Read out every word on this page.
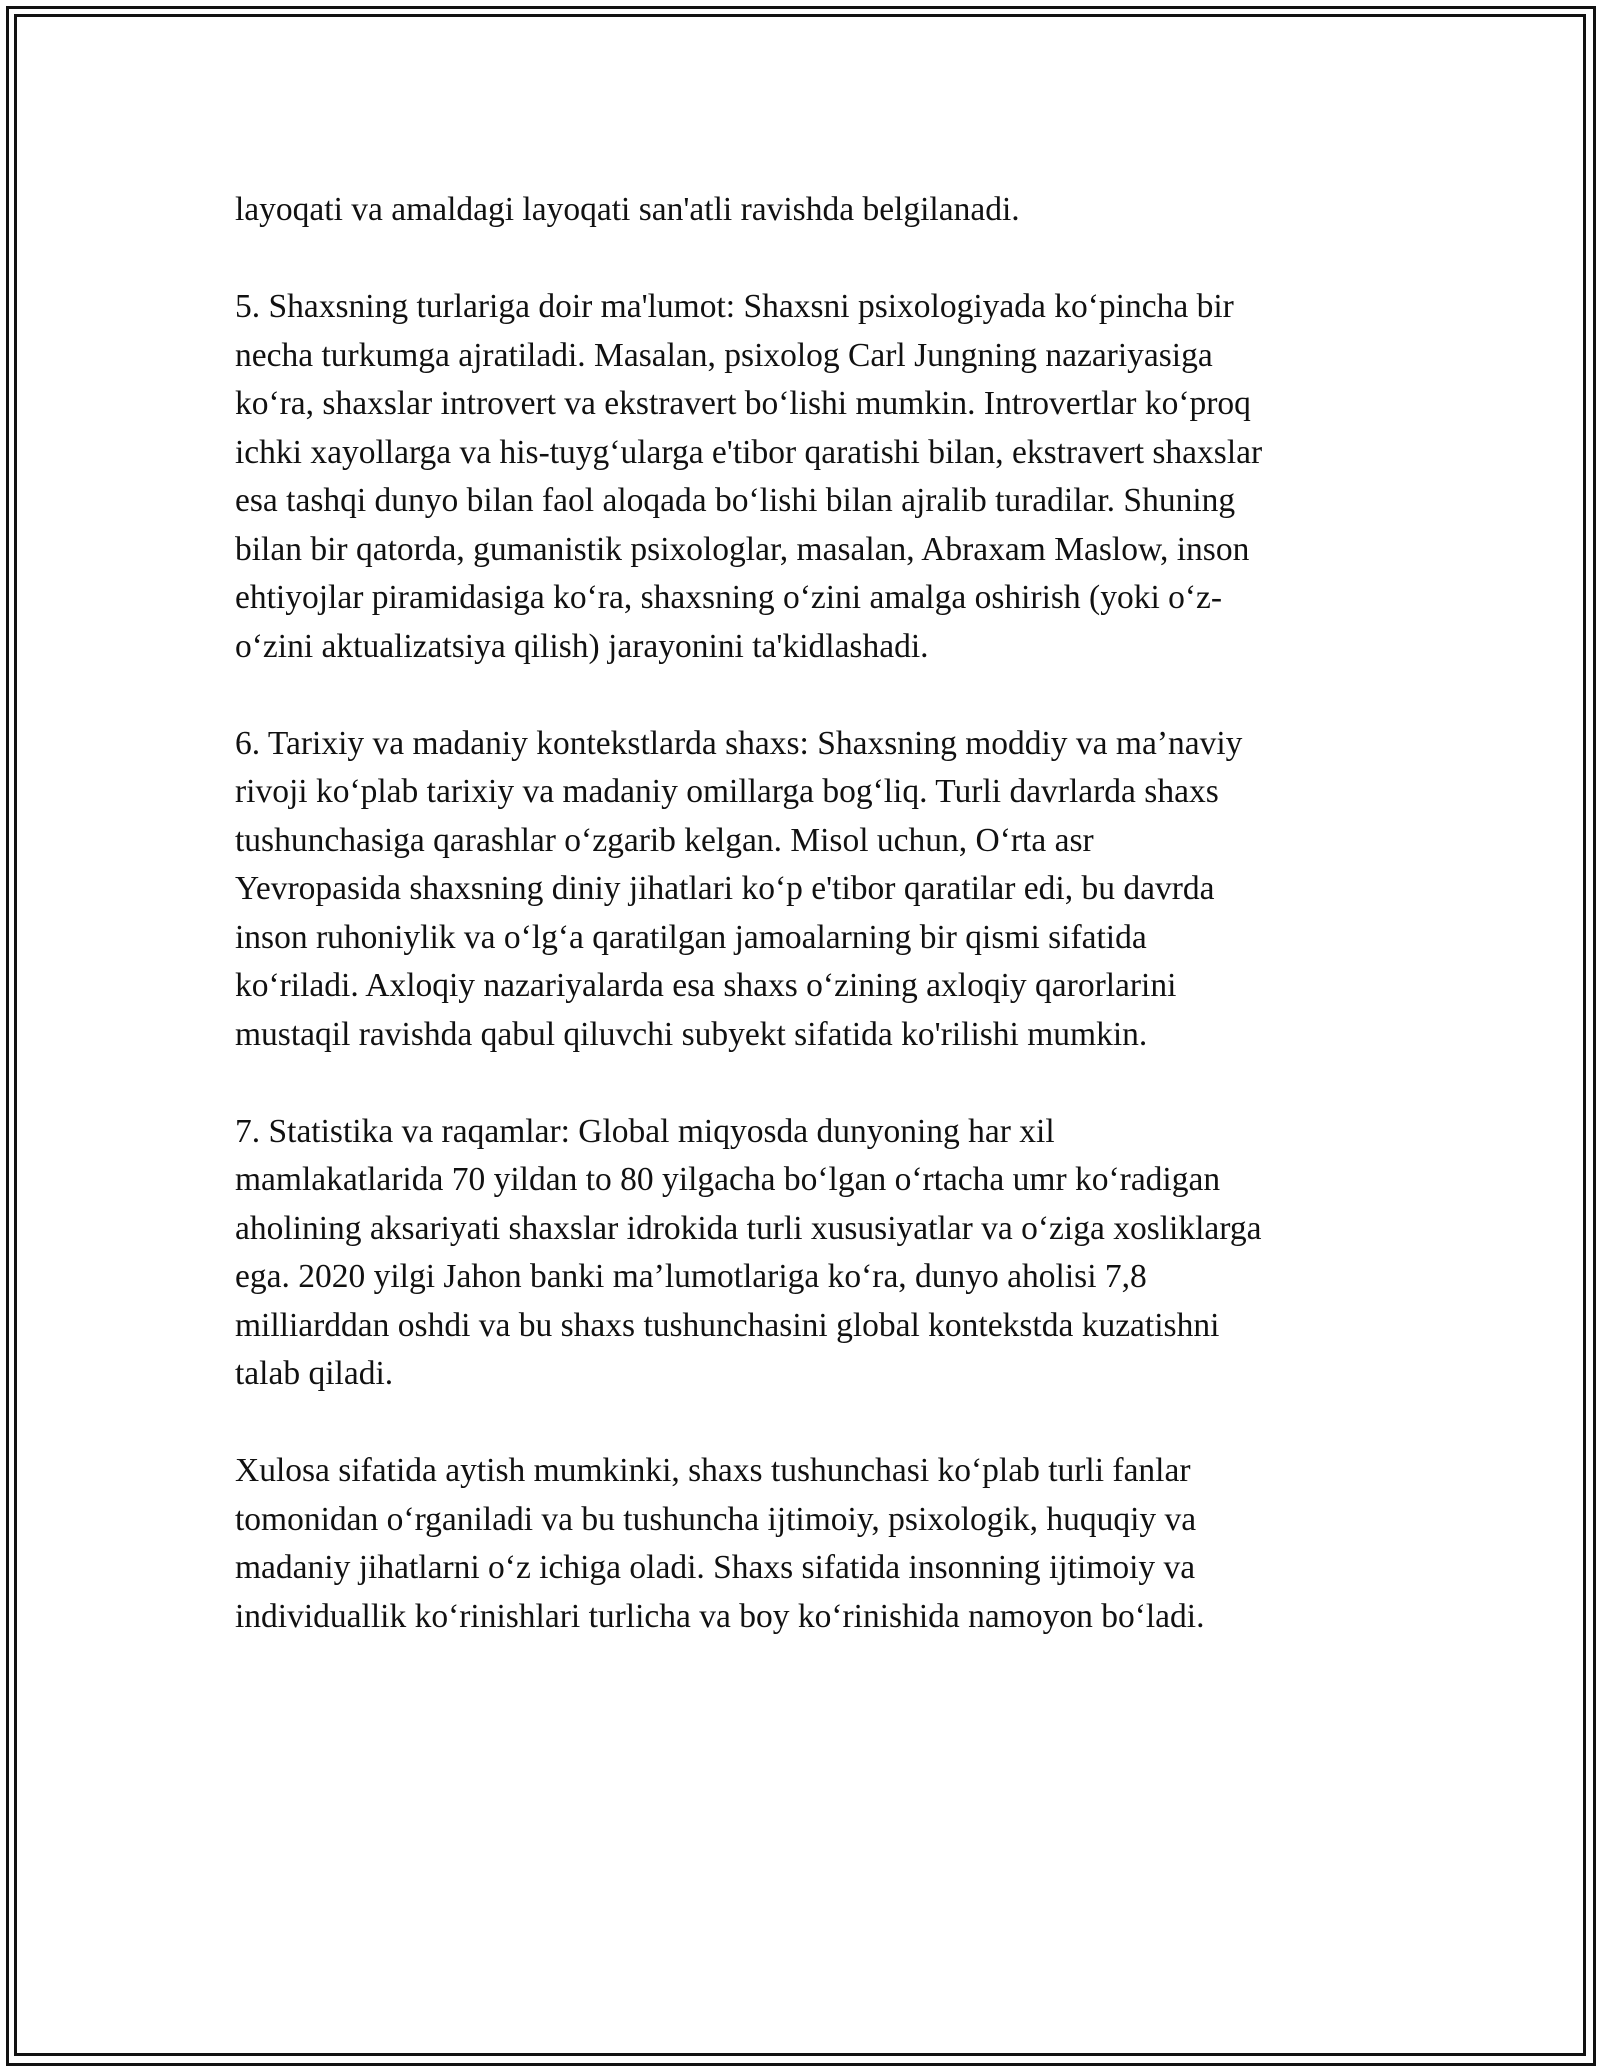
layoqati va amaldagi layoqati san'atli ravishda belgilanadi.

5. Shaxsning turlariga doir ma'lumot: Shaxsni psixologiyada koʻpincha bir
necha turkumga ajratiladi. Masalan, psixolog Carl Jungning nazariyasiga
koʻra, shaxslar introvert va ekstravert boʻlishi mumkin. Introvertlar koʻproq
ichki xayollarga va his-tuygʻularga e'tibor qaratishi bilan, ekstravert shaxslar
esa tashqi dunyo bilan faol aloqada boʻlishi bilan ajralib turadilar. Shuning
bilan bir qatorda, gumanistik psixologlar, masalan, Abraxam Maslow, inson
ehtiyojlar piramidasiga koʻra, shaxsning oʻzini amalga oshirish (yoki oʻz-
oʻzini aktualizatsiya qilish) jarayonini ta'kidlashadi.

6. Tarixiy va madaniy kontekstlarda shaxs: Shaxsning moddiy va ma’naviy
rivoji koʻplab tarixiy va madaniy omillarga bogʻliq. Turli davrlarda shaxs
tushunchasiga qarashlar oʻzgarib kelgan. Misol uchun, Oʻrta asr
Yevropasida shaxsning diniy jihatlari koʻp e'tibor qaratilar edi, bu davrda
inson ruhoniylik va oʻlgʻa qaratilgan jamoalarning bir qismi sifatida
koʻriladi. Axloqiy nazariyalarda esa shaxs oʻzining axloqiy qarorlarini
mustaqil ravishda qabul qiluvchi subyekt sifatida ko'rilishi mumkin.

7. Statistika va raqamlar: Global miqyosda dunyoning har xil
mamlakatlarida 70 yildan to 80 yilgacha boʻlgan oʻrtacha umr koʻradigan
aholining aksariyati shaxslar idrokida turli xususiyatlar va oʻziga xosliklarga
ega. 2020 yilgi Jahon banki ma’lumotlariga koʻra, dunyo aholisi 7,8
milliarddan oshdi va bu shaxs tushunchasini global kontekstda kuzatishni
talab qiladi.

Xulosa sifatida aytish mumkinki, shaxs tushunchasi koʻplab turli fanlar
tomonidan oʻrganiladi va bu tushuncha ijtimoiy, psixologik, huquqiy va
madaniy jihatlarni oʻz ichiga oladi. Shaxs sifatida insonning ijtimoiy va
individuallik koʻrinishlari turlicha va boy koʻrinishida namoyon boʻladi.
